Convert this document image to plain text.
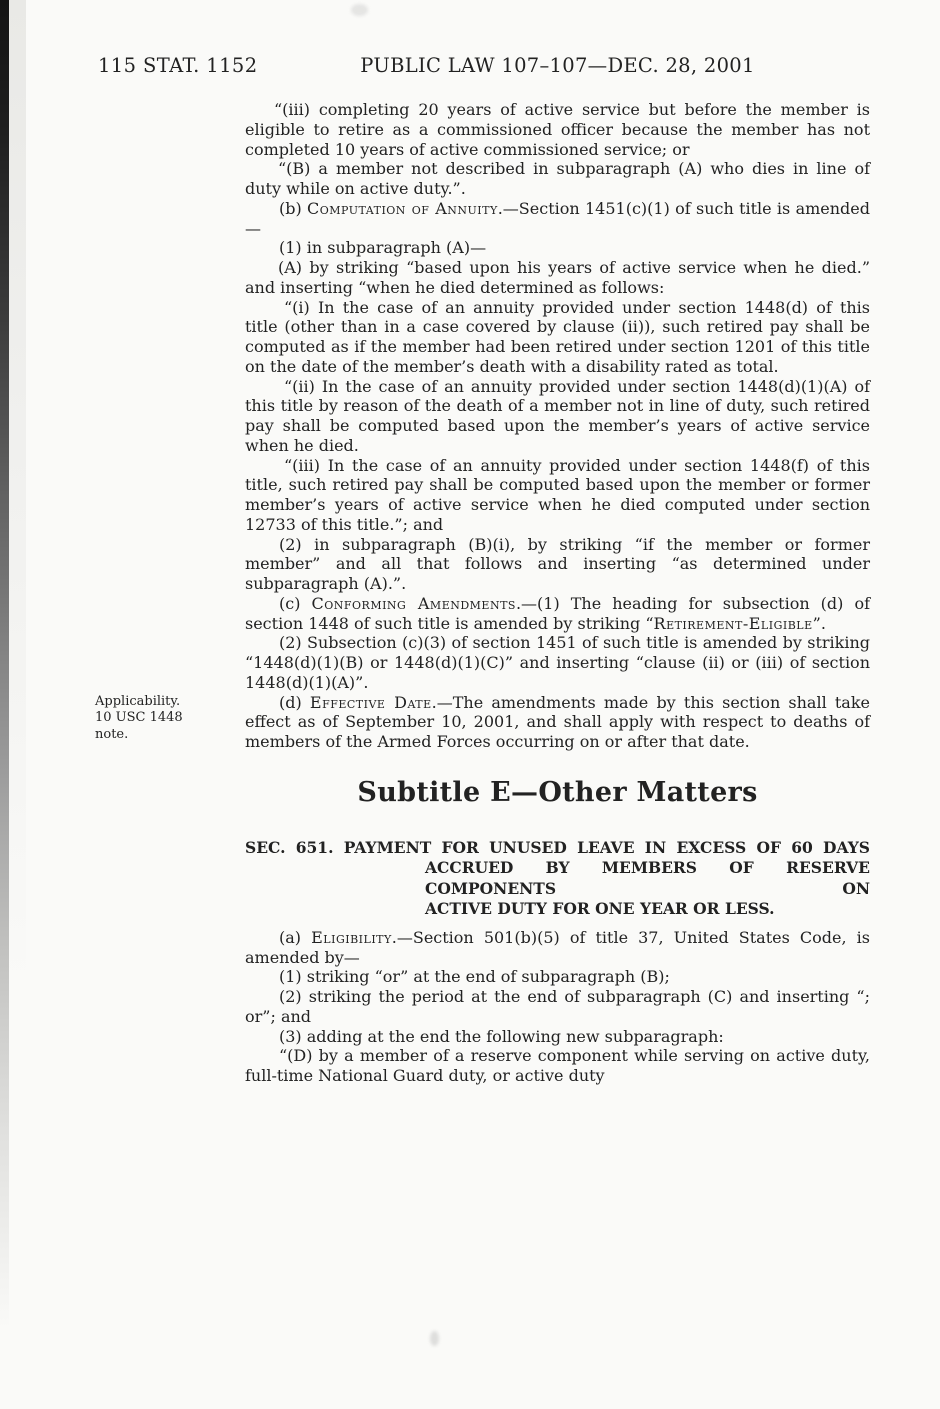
115 STAT. 1152	PUBLIC LAW 107–107—DEC. 28, 2001

“(iii) completing 20 years of active service but before the member is eligible to retire as a commissioned officer because the member has not completed 10 years of active commissioned service; or

“(B) a member not described in subparagraph (A) who dies in line of duty while on active duty.”.

(b) Computation of Annuity.—Section 1451(c)(1) of such title is amended—

(1) in subparagraph (A)—

(A) by striking “based upon his years of active service when he died.” and inserting “when he died determined as follows:

“(i) In the case of an annuity provided under section 1448(d) of this title (other than in a case covered by clause (ii)), such retired pay shall be computed as if the member had been retired under section 1201 of this title on the date of the member’s death with a disability rated as total.

“(ii) In the case of an annuity provided under section 1448(d)(1)(A) of this title by reason of the death of a member not in line of duty, such retired pay shall be computed based upon the member’s years of active service when he died.

“(iii) In the case of an annuity provided under section 1448(f) of this title, such retired pay shall be computed based upon the member or former member’s years of active service when he died computed under section 12733 of this title.”; and

(2) in subparagraph (B)(i), by striking “if the member or former member” and all that follows and inserting “as determined under subparagraph (A).”.

(c) Conforming Amendments.—(1) The heading for subsection (d) of section 1448 of such title is amended by striking “Retirement-Eligible”.

(2) Subsection (c)(3) of section 1451 of such title is amended by striking “1448(d)(1)(B) or 1448(d)(1)(C)” and inserting “clause (ii) or (iii) of section 1448(d)(1)(A)”.

Applicability.
10 USC 1448
note.
(d) Effective Date.—The amendments made by this section shall take effect as of September 10, 2001, and shall apply with respect to deaths of members of the Armed Forces occurring on or after that date.

Subtitle E—Other Matters
SEC. 651. PAYMENT FOR UNUSED LEAVE IN EXCESS OF 60 DAYS
ACCRUED BY MEMBERS OF RESERVE COMPONENTS ON
ACTIVE DUTY FOR ONE YEAR OR LESS.

(a) Eligibility.—Section 501(b)(5) of title 37, United States Code, is amended by—

(1) striking “or” at the end of subparagraph (B);

(2) striking the period at the end of subparagraph (C) and inserting “; or”; and

(3) adding at the end the following new subparagraph:

“(D) by a member of a reserve component while serving on active duty, full-time National Guard duty, or active duty
